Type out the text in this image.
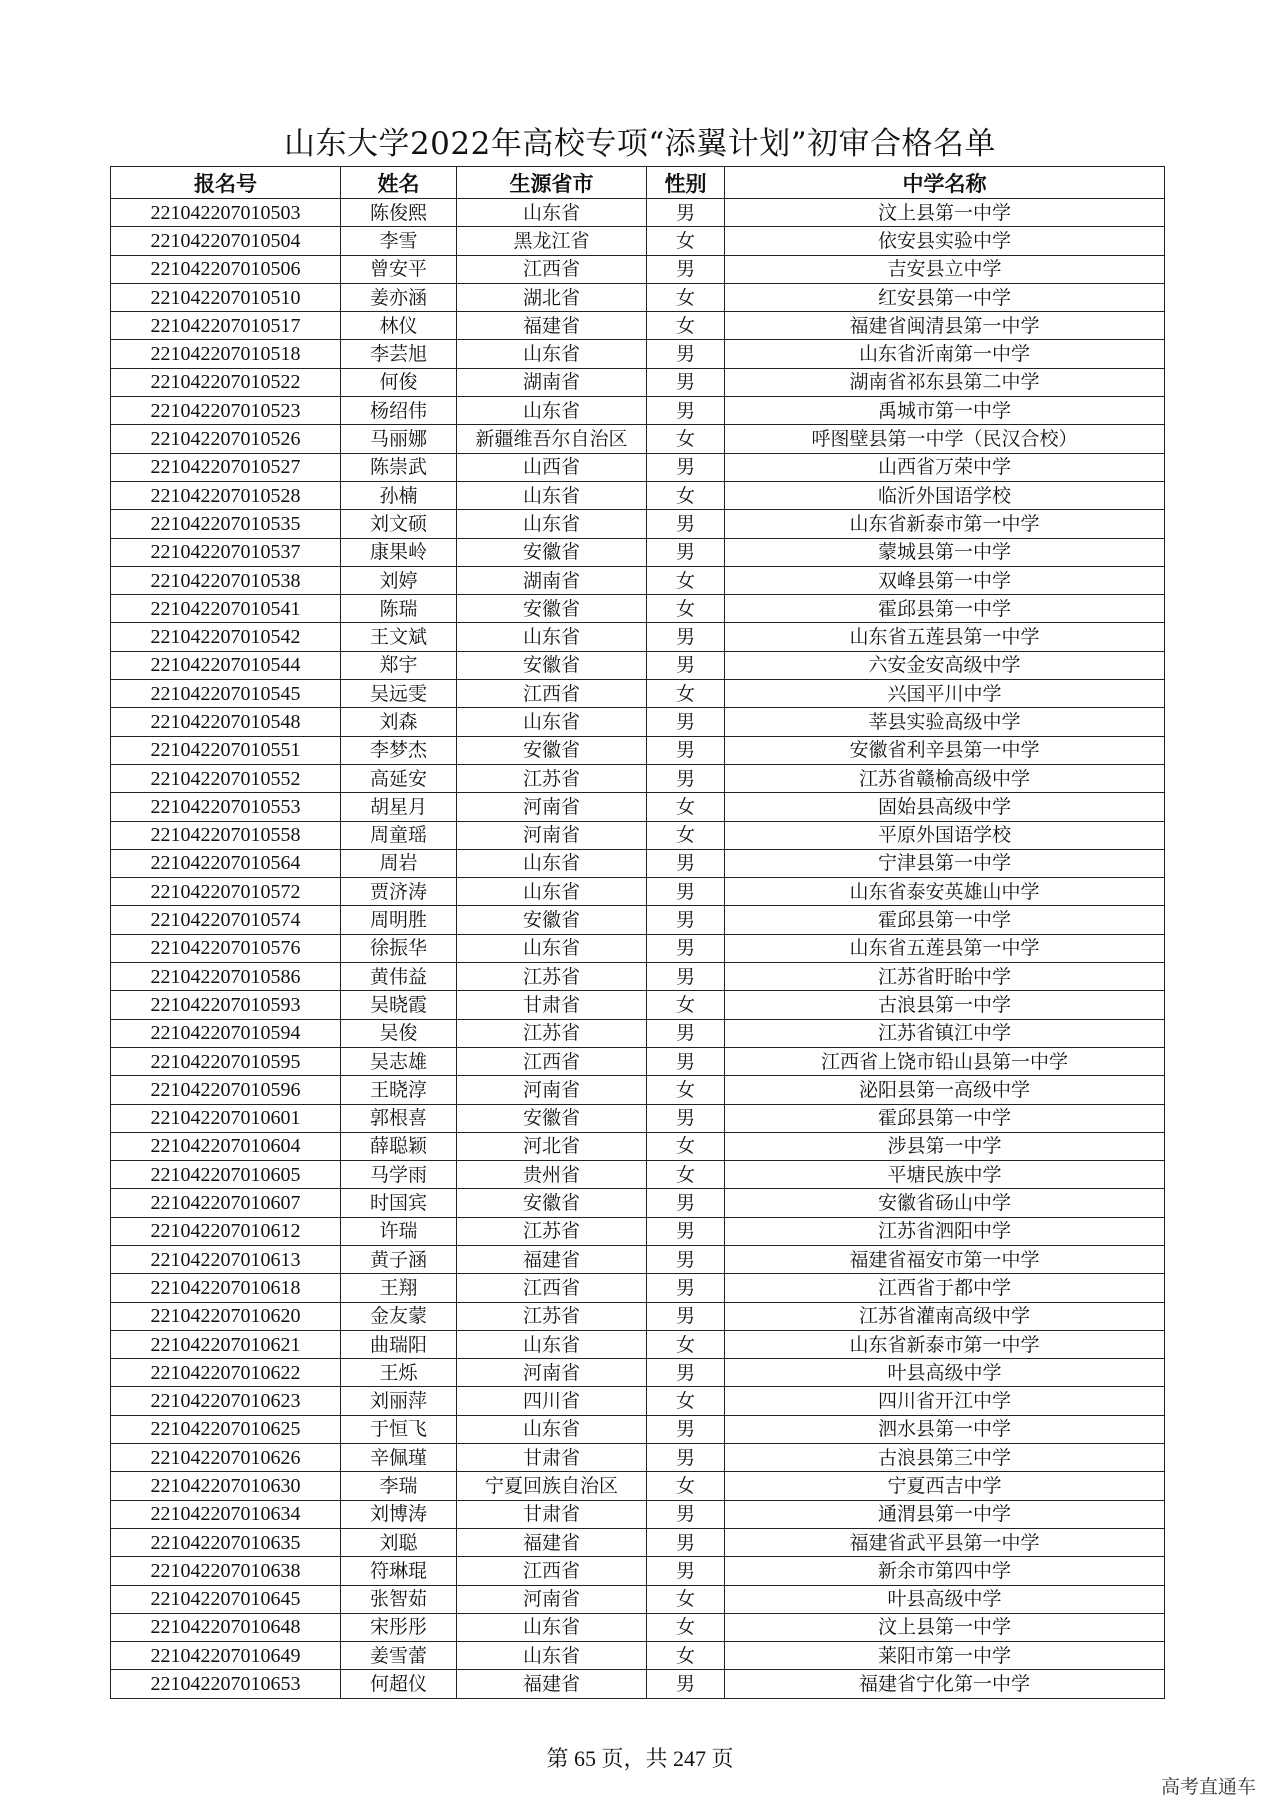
山东大学2022年高校专项“添翼计划”初审合格名单
报名号	姓名	生源省市	性别	中学名称
221042207010503	陈俊熙	山东省	男	汶上县第一中学
221042207010504	李雪	黑龙江省	女	依安县实验中学
221042207010506	曾安平	江西省	男	吉安县立中学
221042207010510	姜亦涵	湖北省	女	红安县第一中学
221042207010517	林仪	福建省	女	福建省闽清县第一中学
221042207010518	李芸旭	山东省	男	山东省沂南第一中学
221042207010522	何俊	湖南省	男	湖南省祁东县第二中学
221042207010523	杨绍伟	山东省	男	禹城市第一中学
221042207010526	马丽娜	新疆维吾尔自治区	女	呼图壁县第一中学（民汉合校）
221042207010527	陈崇武	山西省	男	山西省万荣中学
221042207010528	孙楠	山东省	女	临沂外国语学校
221042207010535	刘文硕	山东省	男	山东省新泰市第一中学
221042207010537	康果岭	安徽省	男	蒙城县第一中学
221042207010538	刘婷	湖南省	女	双峰县第一中学
221042207010541	陈瑞	安徽省	女	霍邱县第一中学
221042207010542	王文斌	山东省	男	山东省五莲县第一中学
221042207010544	郑宇	安徽省	男	六安金安高级中学
221042207010545	吴远雯	江西省	女	兴国平川中学
221042207010548	刘森	山东省	男	莘县实验高级中学
221042207010551	李梦杰	安徽省	男	安徽省利辛县第一中学
221042207010552	高延安	江苏省	男	江苏省赣榆高级中学
221042207010553	胡星月	河南省	女	固始县高级中学
221042207010558	周童瑶	河南省	女	平原外国语学校
221042207010564	周岩	山东省	男	宁津县第一中学
221042207010572	贾济涛	山东省	男	山东省泰安英雄山中学
221042207010574	周明胜	安徽省	男	霍邱县第一中学
221042207010576	徐振华	山东省	男	山东省五莲县第一中学
221042207010586	黄伟益	江苏省	男	江苏省盱眙中学
221042207010593	吴晓霞	甘肃省	女	古浪县第一中学
221042207010594	吴俊	江苏省	男	江苏省镇江中学
221042207010595	吴志雄	江西省	男	江西省上饶市铅山县第一中学
221042207010596	王晓淳	河南省	女	泌阳县第一高级中学
221042207010601	郭根喜	安徽省	男	霍邱县第一中学
221042207010604	薛聪颖	河北省	女	涉县第一中学
221042207010605	马学雨	贵州省	女	平塘民族中学
221042207010607	时国宾	安徽省	男	安徽省砀山中学
221042207010612	许瑞	江苏省	男	江苏省泗阳中学
221042207010613	黄子涵	福建省	男	福建省福安市第一中学
221042207010618	王翔	江西省	男	江西省于都中学
221042207010620	金友蒙	江苏省	男	江苏省灌南高级中学
221042207010621	曲瑞阳	山东省	女	山东省新泰市第一中学
221042207010622	王烁	河南省	男	叶县高级中学
221042207010623	刘丽萍	四川省	女	四川省开江中学
221042207010625	于恒飞	山东省	男	泗水县第一中学
221042207010626	辛佩瑾	甘肃省	男	古浪县第三中学
221042207010630	李瑞	宁夏回族自治区	女	宁夏西吉中学
221042207010634	刘博涛	甘肃省	男	通渭县第一中学
221042207010635	刘聪	福建省	男	福建省武平县第一中学
221042207010638	符琳琨	江西省	男	新余市第四中学
221042207010645	张智茹	河南省	女	叶县高级中学
221042207010648	宋彤彤	山东省	女	汶上县第一中学
221042207010649	姜雪蕾	山东省	女	莱阳市第一中学
221042207010653	何超仪	福建省	男	福建省宁化第一中学
第 65 页，共 247 页
高考直通车
